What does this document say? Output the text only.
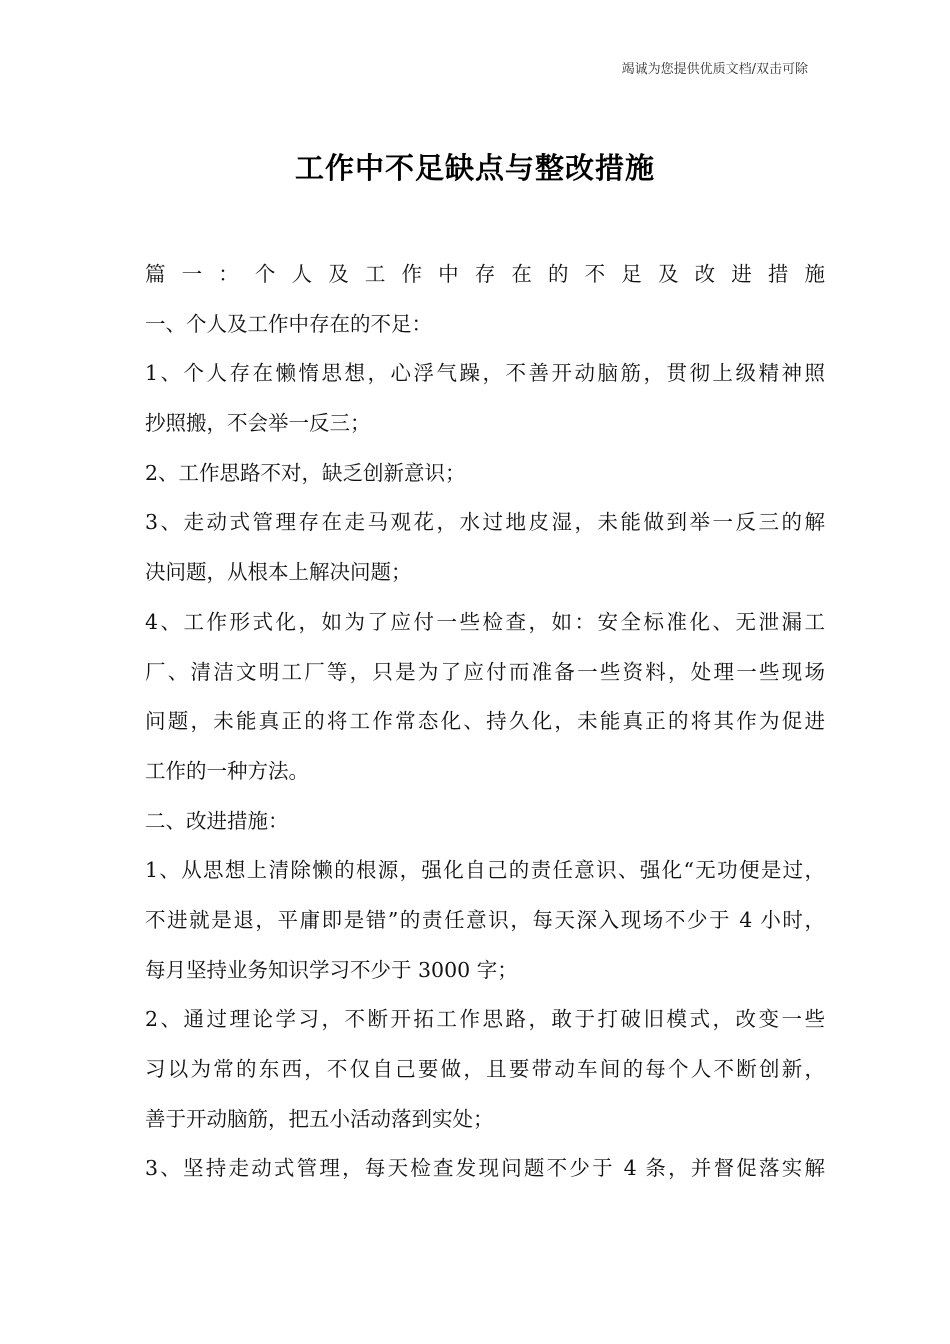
竭诚为您提供优质文档/双击可除
工作中不足缺点与整改措施
篇一：个人及工作中存在的不足及改进措施
一、个人及工作中存在的不足：
1、个人存在懒惰思想，心浮气躁，不善开动脑筋，贯彻上级精神照
抄照搬，不会举一反三；
2、工作思路不对，缺乏创新意识；
3、走动式管理存在走马观花，水过地皮湿，未能做到举一反三的解
决问题，从根本上解决问题；
4、工作形式化，如为了应付一些检查，如：安全标准化、无泄漏工
厂、清洁文明工厂等，只是为了应付而准备一些资料，处理一些现场
问题，未能真正的将工作常态化、持久化，未能真正的将其作为促进
工作的一种方法。
二、改进措施：
1、从思想上清除懒的根源，强化自己的责任意识、强化“无功便是过，
不进就是退，平庸即是错”的责任意识，每天深入现场不少于 4 小时，
每月坚持业务知识学习不少于 3000 字；
2、通过理论学习，不断开拓工作思路，敢于打破旧模式，改变一些
习以为常的东西，不仅自己要做，且要带动车间的每个人不断创新，
善于开动脑筋，把五小活动落到实处；
3、坚持走动式管理，每天检查发现问题不少于 4 条，并督促落实解
